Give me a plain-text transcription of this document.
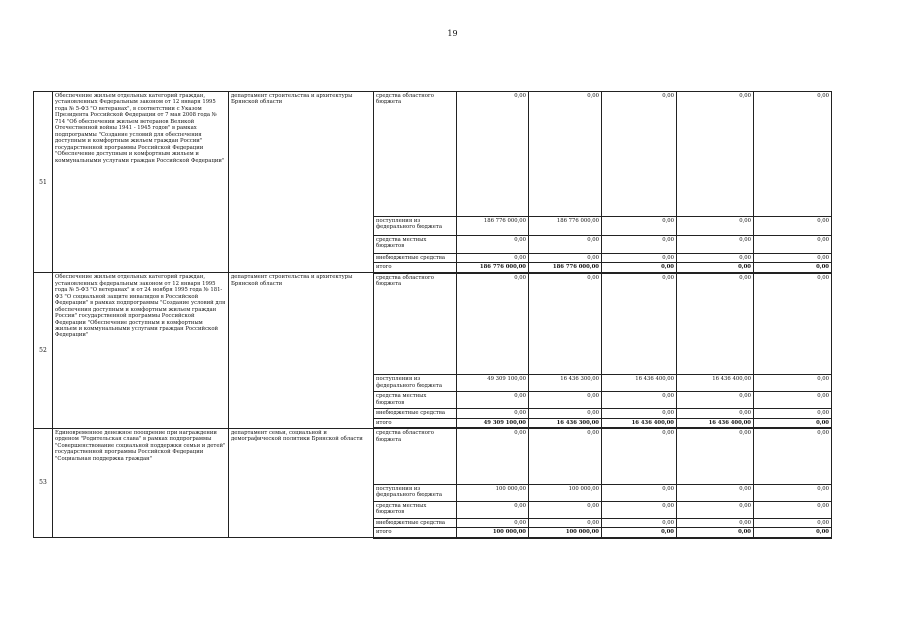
19
51	Обеспечение жильем отдельных категорий граждан, установленных Федеральным законом от 12 января 1995 года № 5-ФЗ "О ветеранах", в соответствии с Указом Президента Российской Федерации от 7 мая 2008 года № 714 "Об обеспечении жильем ветеранов Великой Отечественной войны 1941 - 1945 годов" в рамках подпрограммы "Создание условий для обеспечения доступным и комфортным жильем граждан России" государственной программы Российской Федерации "Обеспечение доступным и комфортным жильем и коммунальными услугами граждан Российской Федерации"	департамент строительства и архитектуры Брянской области	средства областного бюджета	0,00	0,00	0,00	0,00	0,00
			поступления из федерального бюджета	186 776 000,00	186 776 000,00	0,00	0,00	0,00
			средства местных бюджетов	0,00	0,00	0,00	0,00	0,00
			внебюджетные средства	0,00	0,00	0,00	0,00	0,00
			итого	186 776 000,00	186 776 000,00	0,00	0,00	0,00
52	Обеспечение жильем отдельных категорий граждан, установленных федеральным законом от 12 января 1995 года № 5-ФЗ "О ветеранах" и от 24 ноября 1995 года № 181-ФЗ "О социальной защите инвалидов в Российской Федерации" в рамках подпрограммы "Создание условий для обеспечения доступным и комфортным жильем граждан России" государственной программы Российской Федерации "Обеспечение доступным и комфортным жильем и коммунальными услугами граждан Российской Федерации"	департамент строительства и архитектуры Брянской области	средства областного бюджета	0,00	0,00	0,00	0,00	0,00
			поступления из федерального бюджета	49 309 100,00	16 436 300,00	16 436 400,00	16 436 400,00	0,00
			средства местных бюджетов	0,00	0,00	0,00	0,00	0,00
			внебюджетные средства	0,00	0,00	0,00	0,00	0,00
			итого	49 309 100,00	16 436 300,00	16 436 400,00	16 436 400,00	0,00
53	Единовременное денежное поощрение при награждении орденом "Родительская слава" в рамках подпрограммы "Совершенствование социальной поддержки семьи и детей" государственной программы Российской Федерации "Социальная поддержка граждан"	департамент семьи, социальной и демографической политики Брянской области	средства областного бюджета	0,00	0,00	0,00	0,00	0,00
			поступления из федерального бюджета	100 000,00	100 000,00	0,00	0,00	0,00
			средства местных бюджетов	0,00	0,00	0,00	0,00	0,00
			внебюджетные средства	0,00	0,00	0,00	0,00	0,00
			итого	100 000,00	100 000,00	0,00	0,00	0,00
